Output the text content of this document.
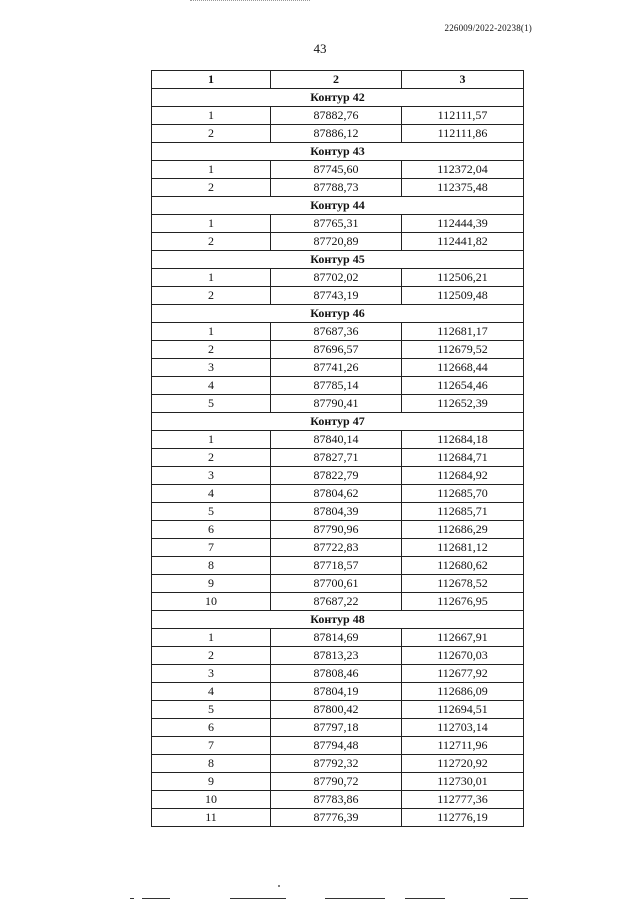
226009/2022-20238(1)
43
1	2	3
Контур 42		
1	87882,76	112111,57
2	87886,12	112111,86
Контур 43		
1	87745,60	112372,04
2	87788,73	112375,48
Контур 44		
1	87765,31	112444,39
2	87720,89	112441,82
Контур 45		
1	87702,02	112506,21
2	87743,19	112509,48
Контур 46		
1	87687,36	112681,17
2	87696,57	112679,52
3	87741,26	112668,44
4	87785,14	112654,46
5	87790,41	112652,39
Контур 47		
1	87840,14	112684,18
2	87827,71	112684,71
3	87822,79	112684,92
4	87804,62	112685,70
5	87804,39	112685,71
6	87790,96	112686,29
7	87722,83	112681,12
8	87718,57	112680,62
9	87700,61	112678,52
10	87687,22	112676,95
Контур 48		
1	87814,69	112667,91
2	87813,23	112670,03
3	87808,46	112677,92
4	87804,19	112686,09
5	87800,42	112694,51
6	87797,18	112703,14
7	87794,48	112711,96
8	87792,32	112720,92
9	87790,72	112730,01
10	87783,86	112777,36
11	87776,39	112776,19
